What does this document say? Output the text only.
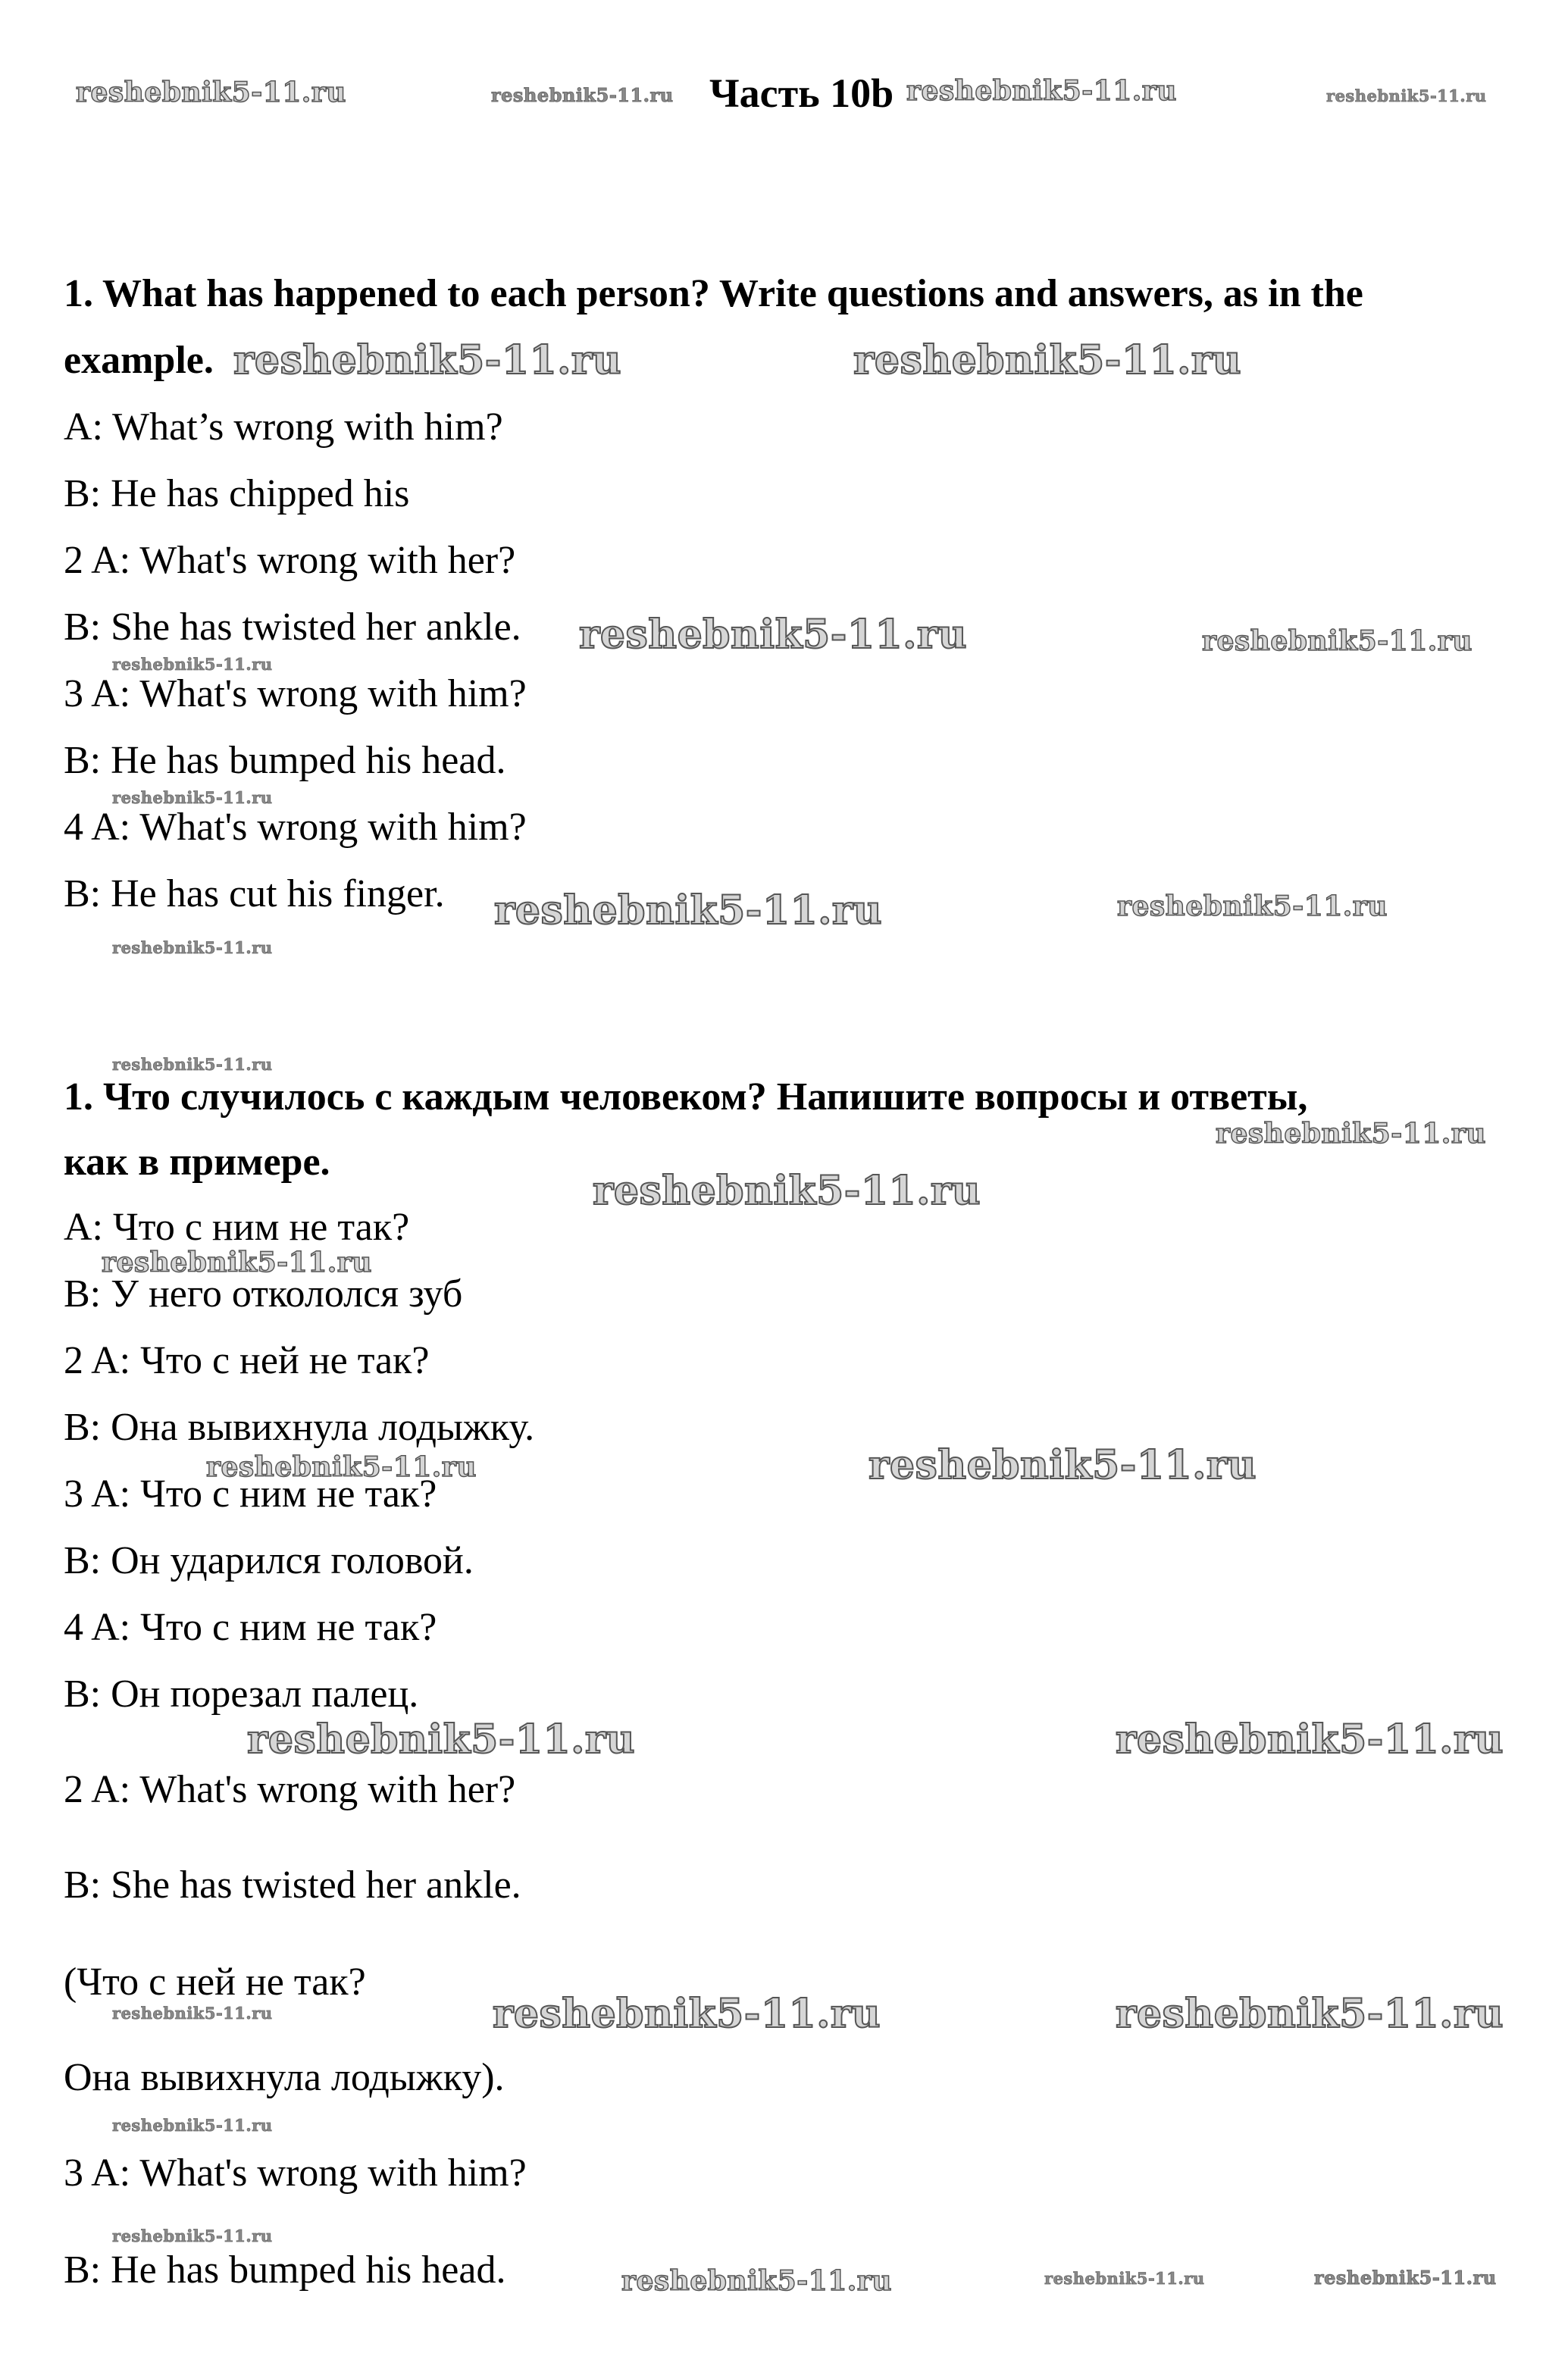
Часть 10b
1. What has happened to each person? Write questions and answers, as in the
example.
A: What’s wrong with him?
B: He has chipped his
2 A: What's wrong with her?
B: She has twisted her ankle.
3 A: What's wrong with him?
B: He has bumped his head.
4 A: What's wrong with him?
B: He has cut his finger.
1. Что случилось с каждым человеком? Напишите вопросы и ответы,
как в примере.
A: Что с ним не так?
B: У него откололся зуб
2 A: Что с ней не так?
B: Она вывихнула лодыжку.
3 A: Что с ним не так?
B: Он ударился головой.
4 A: Что с ним не так?
B: Он порезал палец.
2 A: What's wrong with her?
B: She has twisted her ankle.
(Что с ней не так?
Она вывихнула лодыжку).
3 A: What's wrong with him?
B: He has bumped his head.
reshebnik5-11.ru	reshebnik5-11.ru	reshebnik5-11.ru	reshebnik5-11.ru
reshebnik5-11.ru	reshebnik5-11.ru
reshebnik5-11.ru	reshebnik5-11.ru
reshebnik5-11.ru
reshebnik5-11.ru
reshebnik5-11.ru	reshebnik5-11.ru
reshebnik5-11.ru
reshebnik5-11.ru
reshebnik5-11.ru
reshebnik5-11.ru
reshebnik5-11.ru
reshebnik5-11.ru	reshebnik5-11.ru
reshebnik5-11.ru	reshebnik5-11.ru
reshebnik5-11.ru	reshebnik5-11.ru
reshebnik5-11.ru
reshebnik5-11.ru
reshebnik5-11.ru
reshebnik5-11.ru	reshebnik5-11.ru	reshebnik5-11.ru
